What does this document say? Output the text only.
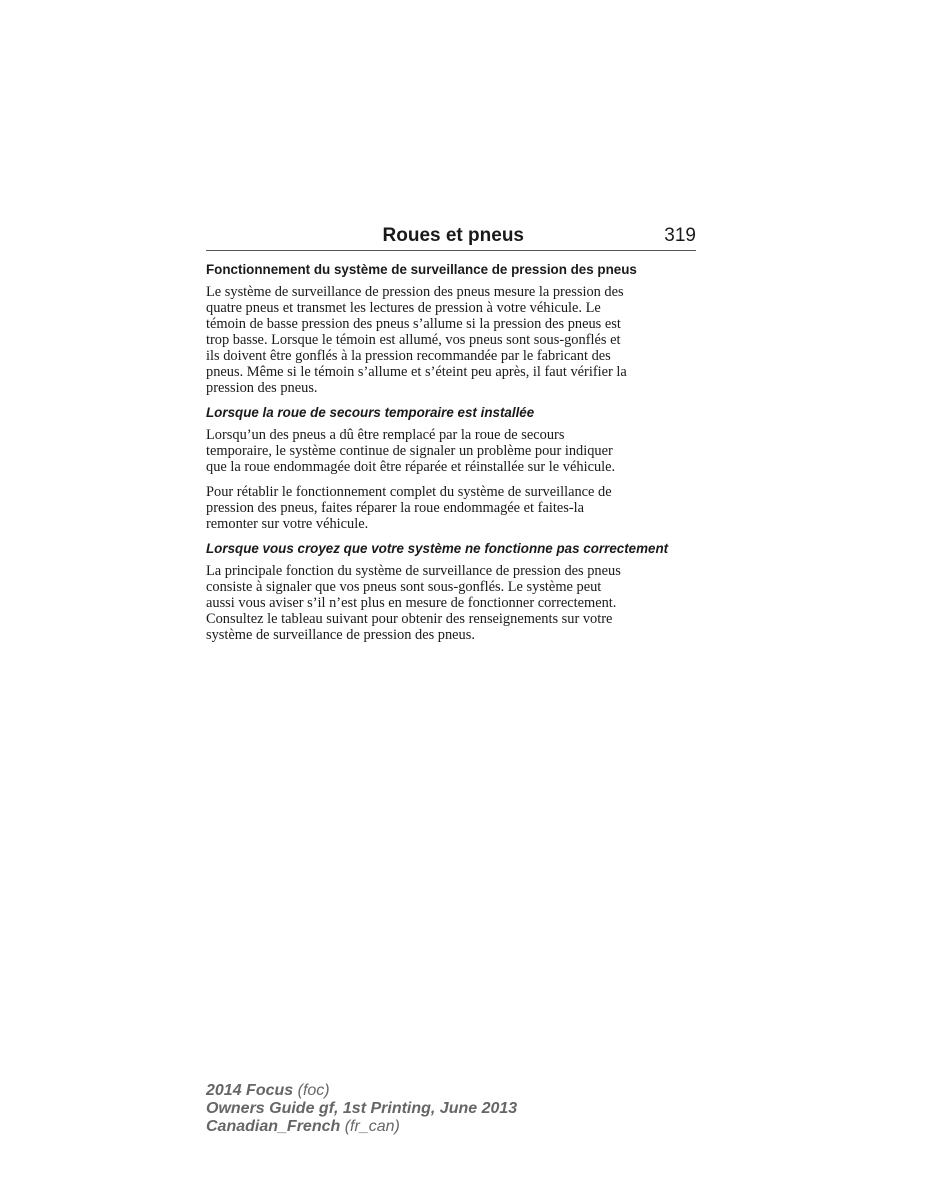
Roues et pneus	319
Fonctionnement du système de surveillance de pression des pneus
Le système de surveillance de pression des pneus mesure la pression des
quatre pneus et transmet les lectures de pression à votre véhicule. Le
témoin de basse pression des pneus s’allume si la pression des pneus est
trop basse. Lorsque le témoin est allumé, vos pneus sont sous-gonflés et
ils doivent être gonflés à la pression recommandée par le fabricant des
pneus. Même si le témoin s’allume et s’éteint peu après, il faut vérifier la
pression des pneus.
Lorsque la roue de secours temporaire est installée
Lorsqu’un des pneus a dû être remplacé par la roue de secours
temporaire, le système continue de signaler un problème pour indiquer
que la roue endommagée doit être réparée et réinstallée sur le véhicule.
Pour rétablir le fonctionnement complet du système de surveillance de
pression des pneus, faites réparer la roue endommagée et faites-la
remonter sur votre véhicule.
Lorsque vous croyez que votre système ne fonctionne pas correctement
La principale fonction du système de surveillance de pression des pneus
consiste à signaler que vos pneus sont sous-gonflés. Le système peut
aussi vous aviser s’il n’est plus en mesure de fonctionner correctement.
Consultez le tableau suivant pour obtenir des renseignements sur votre
système de surveillance de pression des pneus.
2014 Focus (foc)
Owners Guide gf, 1st Printing, June 2013
Canadian_French (fr_can)
